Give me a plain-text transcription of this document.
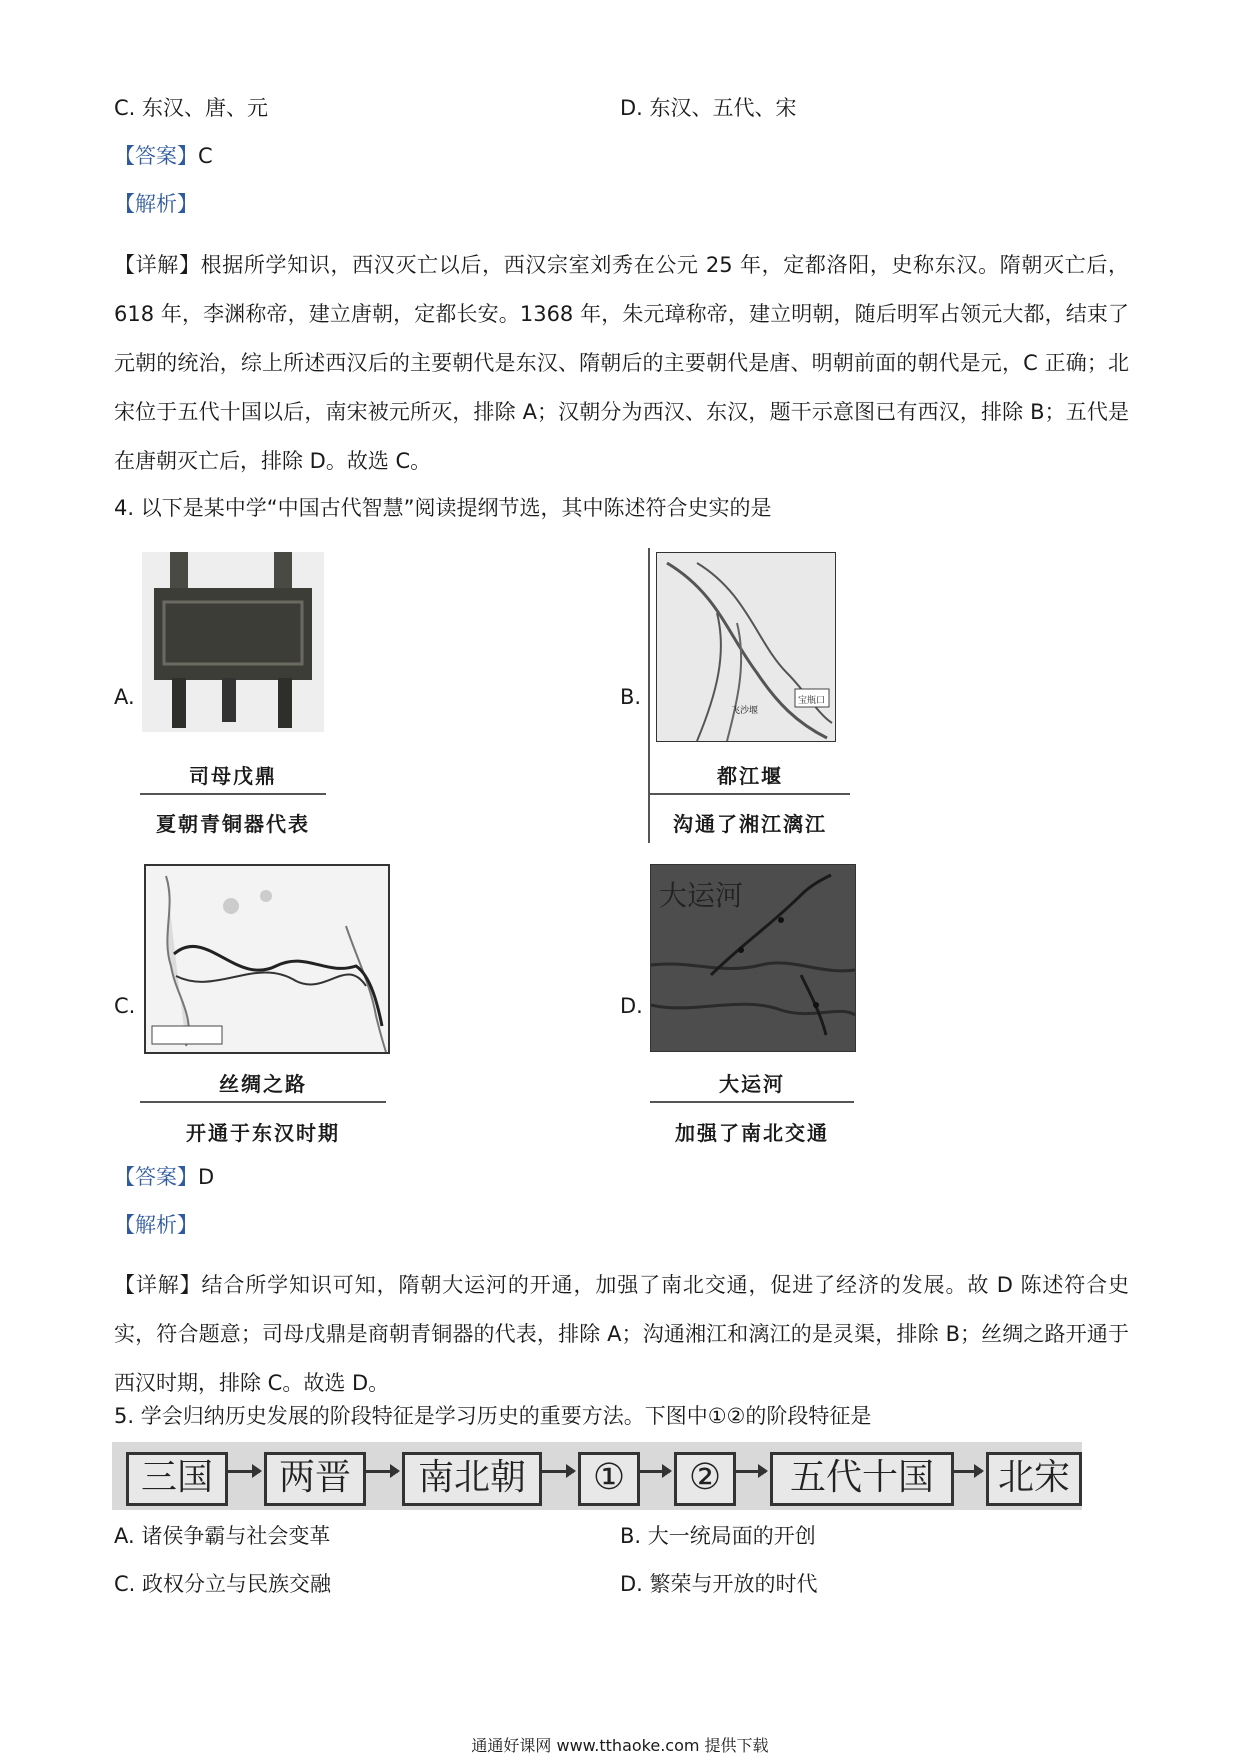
C. 东汉、唐、元	D. 东汉、五代、宋
【答案】C
【解析】
【详解】根据所学知识，西汉灭亡以后，西汉宗室刘秀在公元 25 年，定都洛阳，史称东汉。隋朝灭亡后，618 年，李渊称帝，建立唐朝，定都长安。1368 年，朱元璋称帝，建立明朝，随后明军占领元大都，结束了元朝的统治，综上所述西汉后的主要朝代是东汉、隋朝后的主要朝代是唐、明朝前面的朝代是元，C 正确；北宋位于五代十国以后，南宋被元所灭，排除 A；汉朝分为西汉、东汉，题干示意图已有西汉，排除 B；五代是在唐朝灭亡后，排除 D。故选 C。
4. 以下是某中学“中国古代智慧”阅读提纲节选，其中陈述符合史实的是
A.
司母戊鼎
夏朝青铜器代表
B.	宝瓶口
飞沙堰
都江堰
沟通了湘江漓江
C.
丝绸之路
开通于东汉时期
D.
大运河
大运河
加强了南北交通
【答案】D
【解析】
【详解】结合所学知识可知，隋朝大运河的开通，加强了南北交通，促进了经济的发展。故 D 陈述符合史实，符合题意；司母戊鼎是商朝青铜器的代表，排除 A；沟通湘江和漓江的是灵渠，排除 B；丝绸之路开通于西汉时期，排除 C。故选 D。
5. 学会归纳历史发展的阶段特征是学习历史的重要方法。下图中①②的阶段特征是
三国	两晋	南北朝	①	②	五代十国	北宋
A. 诸侯争霸与社会变革	B. 大一统局面的开创
C. 政权分立与民族交融	D. 繁荣与开放的时代
通通好课网 www.tthaoke.com 提供下载
